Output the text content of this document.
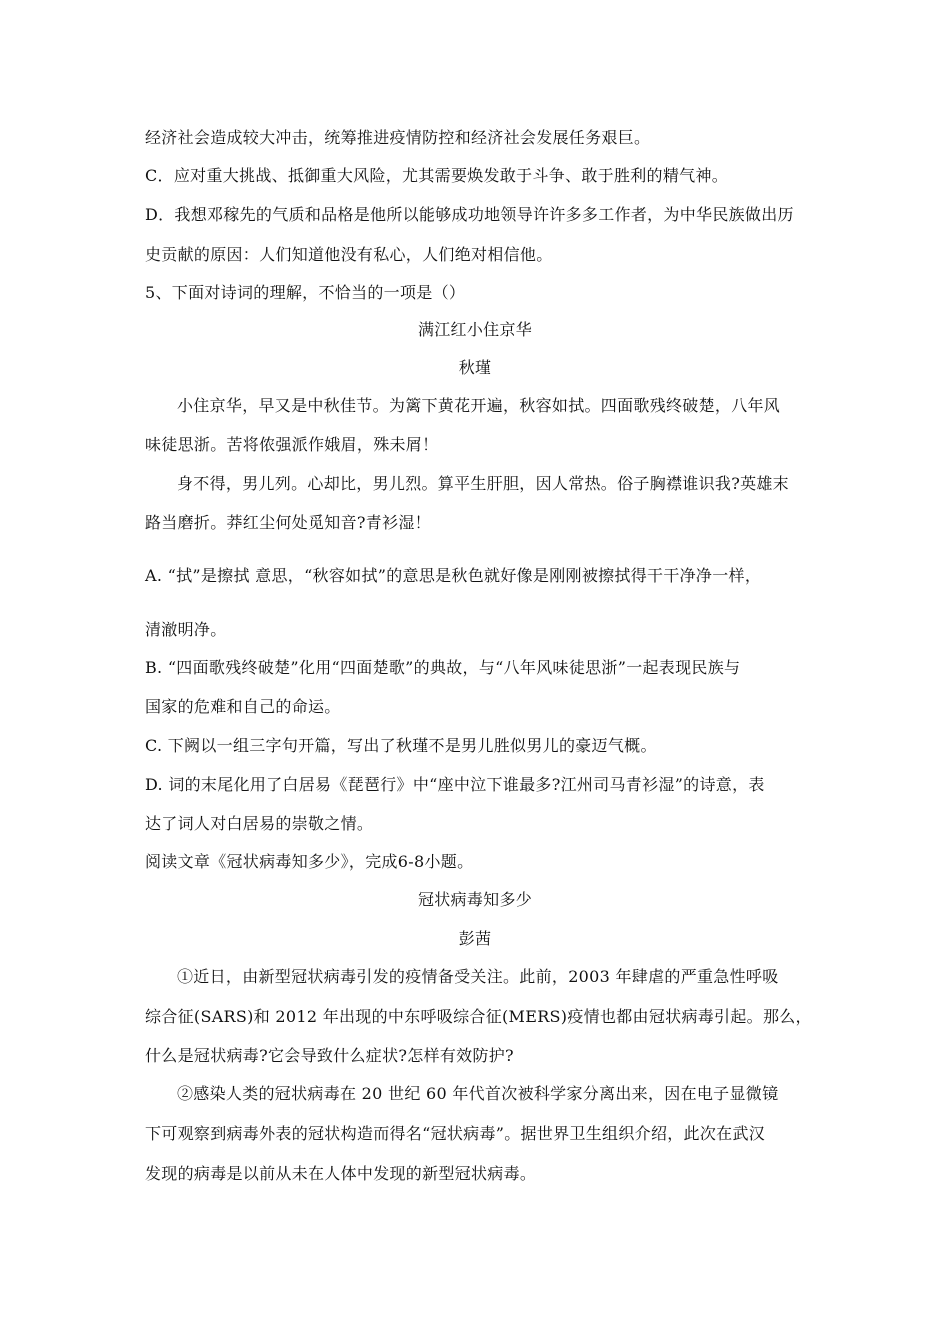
经济社会造成较大冲击，统筹推进疫情防控和经济社会发展任务艰巨。
C．应对重大挑战、抵御重大风险，尤其需要焕发敢于斗争、敢于胜利的精气神。
D．我想邓稼先的气质和品格是他所以能够成功地领导许许多多工作者，为中华民族做出历
史贡献的原因：人们知道他没有私心，人们绝对相信他。
5、下面对诗词的理解，不恰当的一项是（）
满江红小住京华
秋瑾
小住京华，早又是中秋佳节。为篱下黄花开遍，秋容如拭。四面歌残终破楚，八年风
味徒思浙。苦将侬强派作娥眉，殊未屑！
身不得，男儿列。心却比，男儿烈。算平生肝胆，因人常热。俗子胸襟谁识我?英雄末
路当磨折。莽红尘何处觅知音?青衫湿！
A. “拭”是擦拭 意思，“秋容如拭”的意思是秋色就好像是刚刚被擦拭得干干净净一样，
清澈明净。
B. “四面歌残终破楚”化用“四面楚歌”的典故，与“八年风味徒思浙”一起表现民族与
国家的危难和自己的命运。
C. 下阙以一组三字句开篇，写出了秋瑾不是男儿胜似男儿的豪迈气概。
D. 词的末尾化用了白居易《琵琶行》中“座中泣下谁最多?江州司马青衫湿”的诗意，表
达了词人对白居易的崇敬之情。
阅读文章《冠状病毒知多少》，完成6-8小题。
冠状病毒知多少
彭茜
①近日，由新型冠状病毒引发的疫情备受关注。此前，2003 年肆虐的严重急性呼吸
综合征(SARS)和 2012 年出现的中东呼吸综合征(MERS)疫情也都由冠状病毒引起。那么，
什么是冠状病毒?它会导致什么症状?怎样有效防护?
②感染人类的冠状病毒在 20 世纪 60 年代首次被科学家分离出来，因在电子显微镜
下可观察到病毒外表的冠状构造而得名“冠状病毒”。据世界卫生组织介绍，此次在武汉
发现的病毒是以前从未在人体中发现的新型冠状病毒。
